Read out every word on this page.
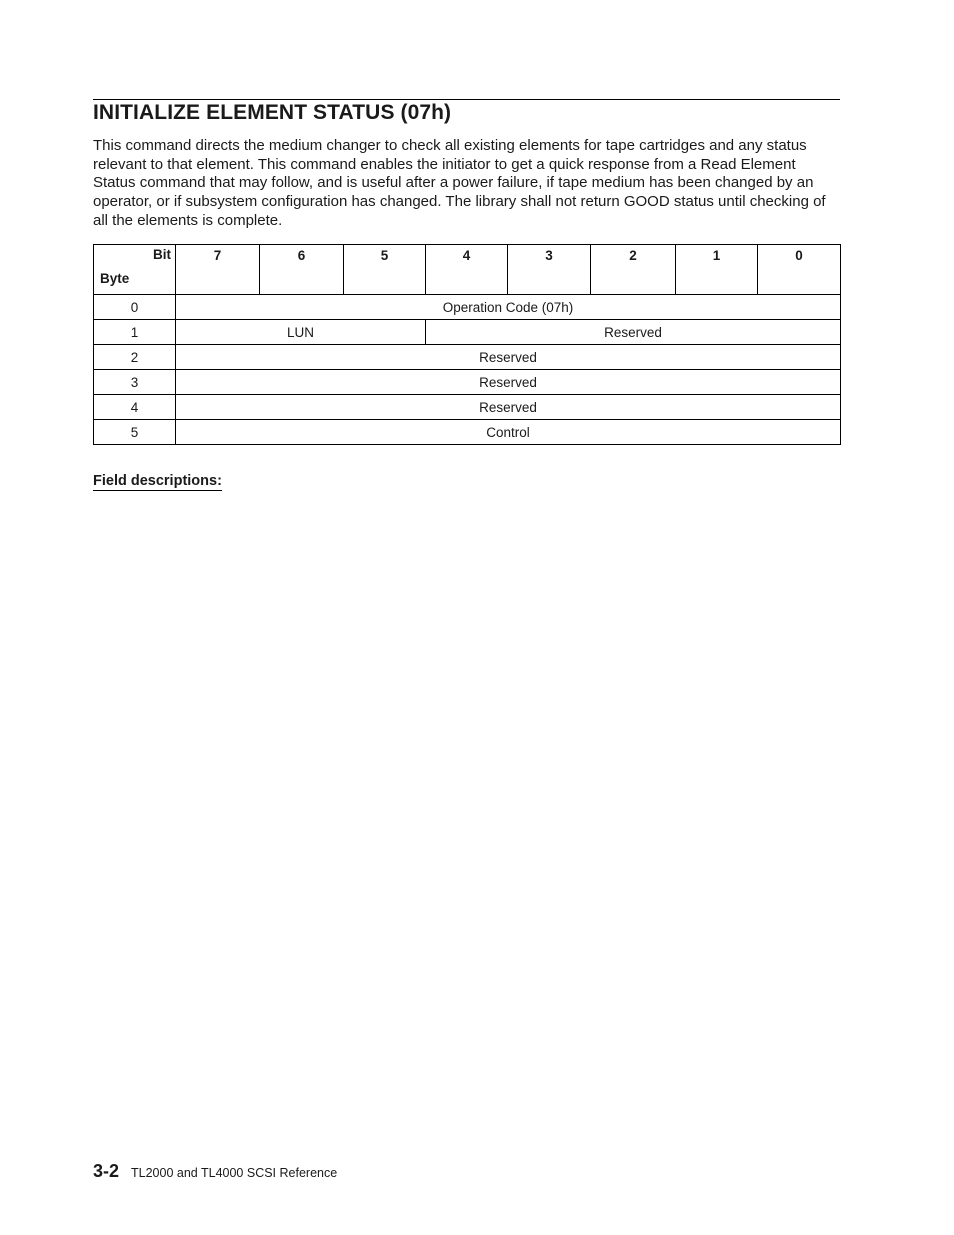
INITIALIZE ELEMENT STATUS (07h)

This command directs the medium changer to check all existing elements for tape cartridges and any status relevant to that element. This command enables the initiator to get a quick response from a Read Element Status command that may follow, and is useful after a power failure, if tape medium has been changed by an operator, or if subsystem configuration has changed. The library shall not return GOOD status until checking of all the elements is complete.

Bit
Byte	7	6	5	4	3	2	1	0
0	Operation Code (07h)							
1	LUN			Reserved				
2	Reserved							
3	Reserved							
4	Reserved							
5	Control							
Field descriptions:
3-2 TL2000 and TL4000 SCSI Reference
